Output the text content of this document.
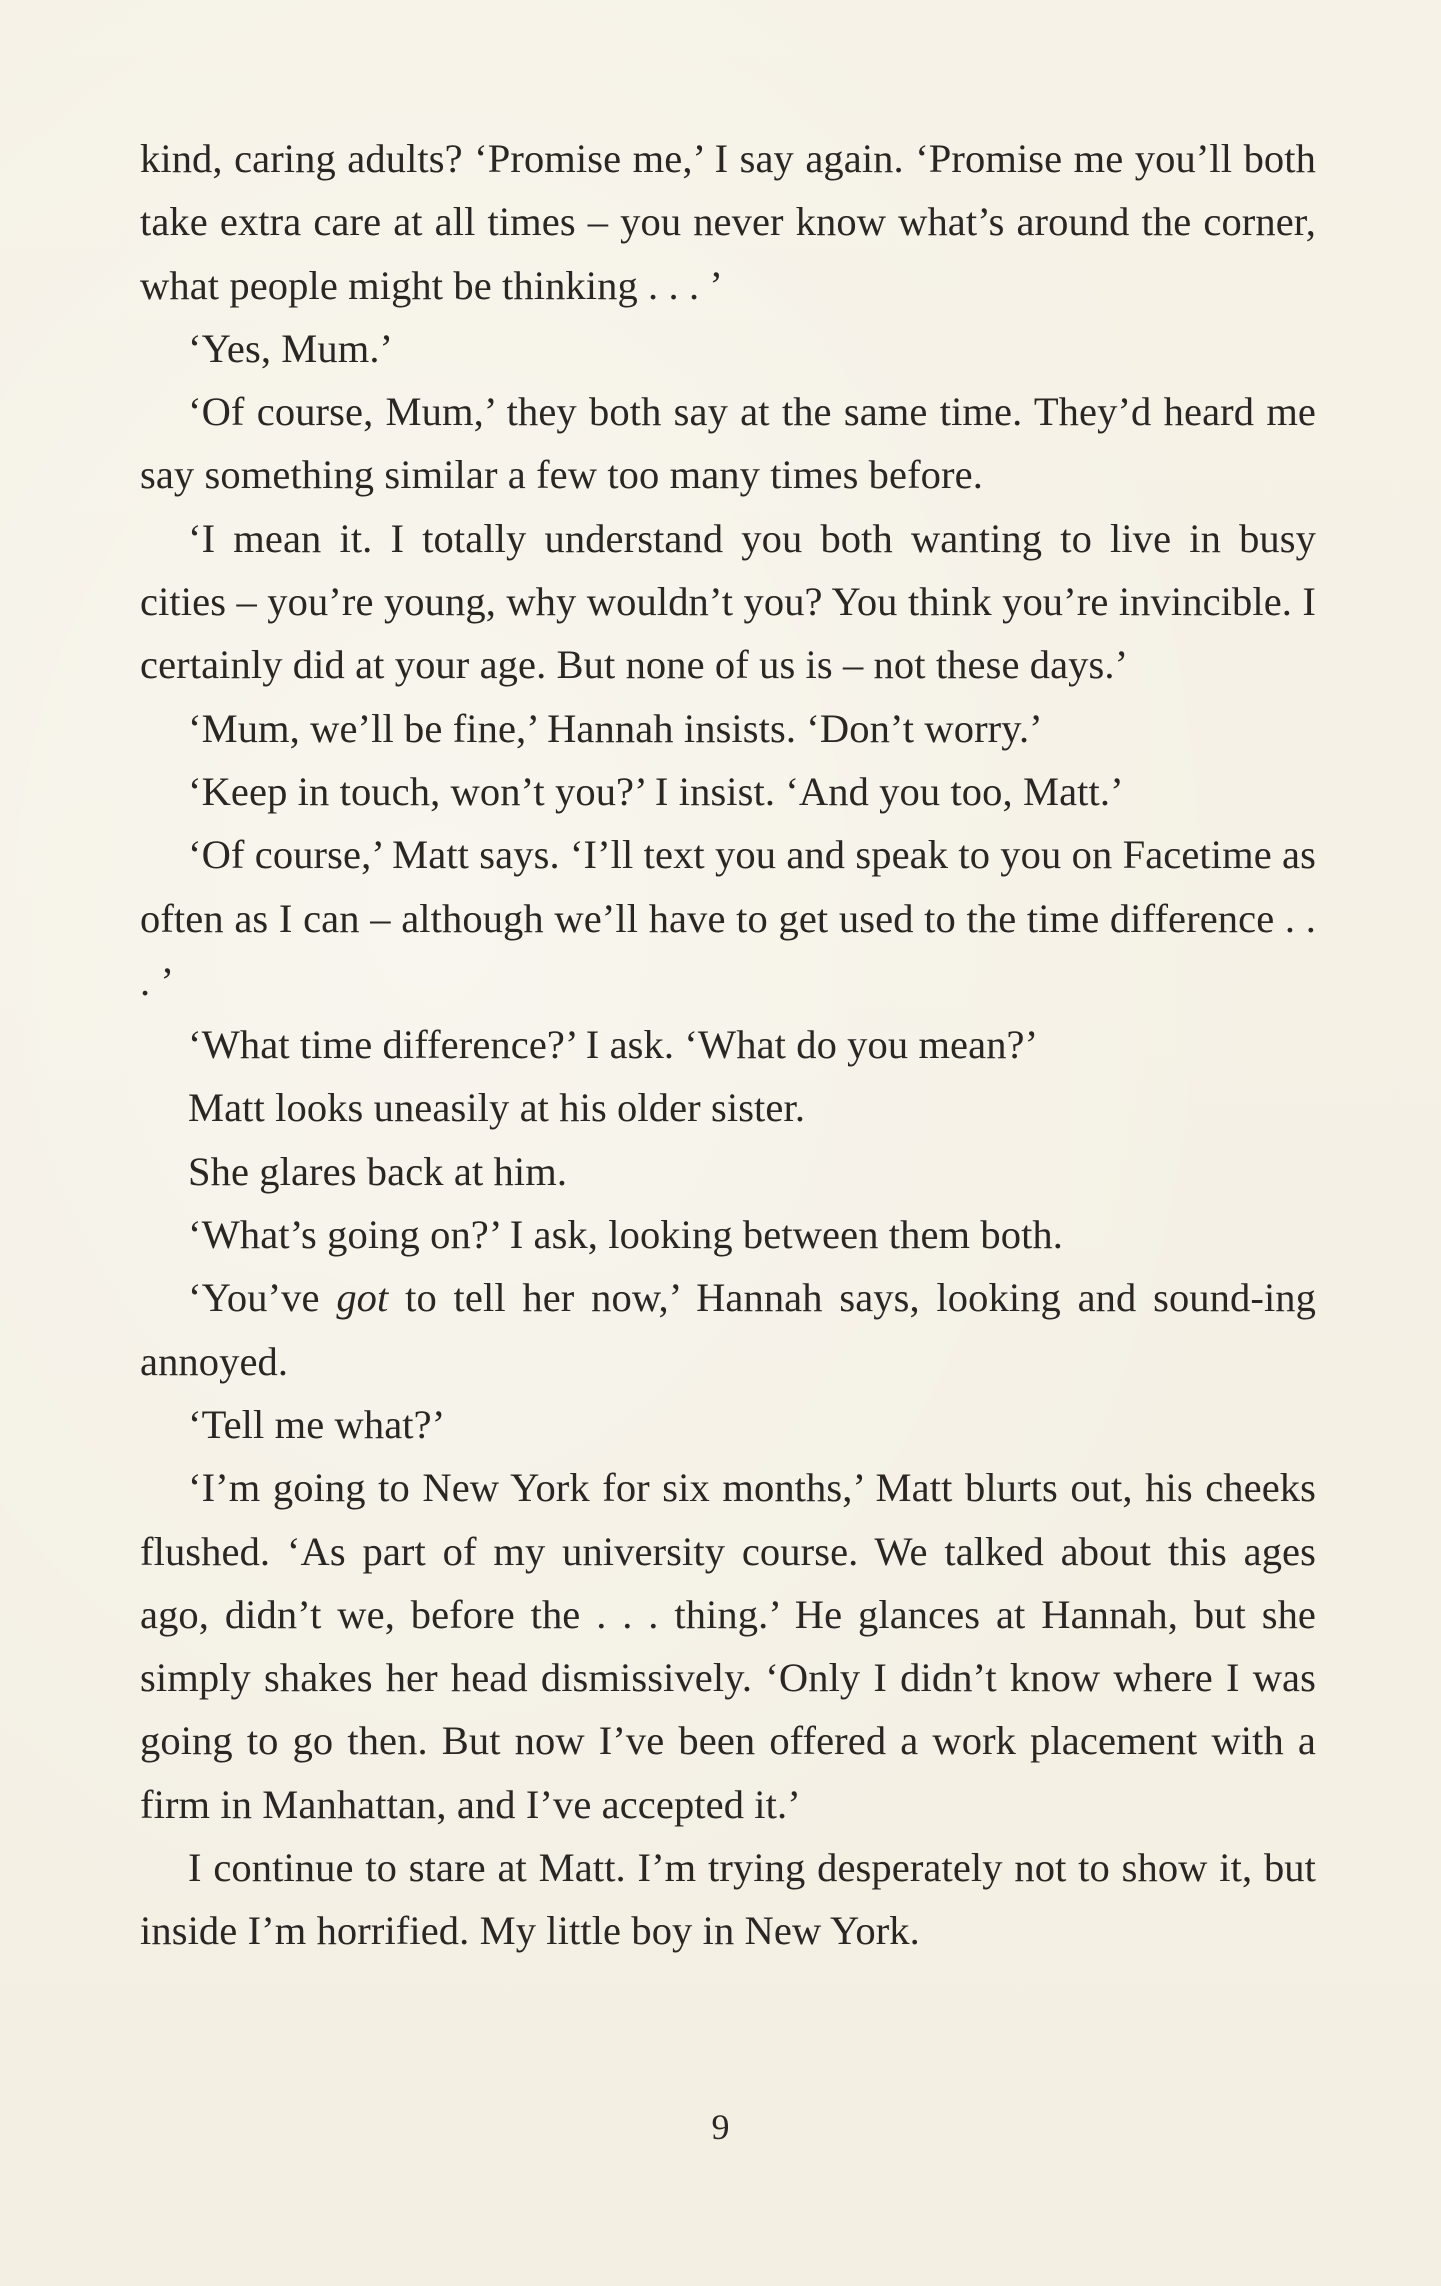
kind, caring adults? ‘Promise me,’ I say again. ‘Promise me you’ll both take extra care at all times – you never know what’s around the corner, what people might be thinking . . . ’

‘Yes, Mum.’

‘Of course, Mum,’ they both say at the same time. They’d heard me say something similar a few too many times before.

‘I mean it. I totally understand you both wanting to live in busy cities – you’re young, why wouldn’t you? You think you’re invincible. I certainly did at your age. But none of us is – not these days.’

‘Mum, we’ll be fine,’ Hannah insists. ‘Don’t worry.’

‘Keep in touch, won’t you?’ I insist. ‘And you too, Matt.’

‘Of course,’ Matt says. ‘I’ll text you and speak to you on Facetime as often as I can – although we’ll have to get used to the time difference . . . ’

‘What time difference?’ I ask. ‘What do you mean?’

Matt looks uneasily at his older sister.

She glares back at him.

‘What’s going on?’ I ask, looking between them both.

‘You’ve got to tell her now,’ Hannah says, looking and sound-ing annoyed.

‘Tell me what?’

‘I’m going to New York for six months,’ Matt blurts out, his cheeks flushed. ‘As part of my university course. We talked about this ages ago, didn’t we, before the . . . thing.’ He glances at Hannah, but she simply shakes her head dismissively. ‘Only I didn’t know where I was going to go then. But now I’ve been offered a work placement with a firm in Manhattan, and I’ve accepted it.’

I continue to stare at Matt. I’m trying desperately not to show it, but inside I’m horrified. My little boy in New York.

9
